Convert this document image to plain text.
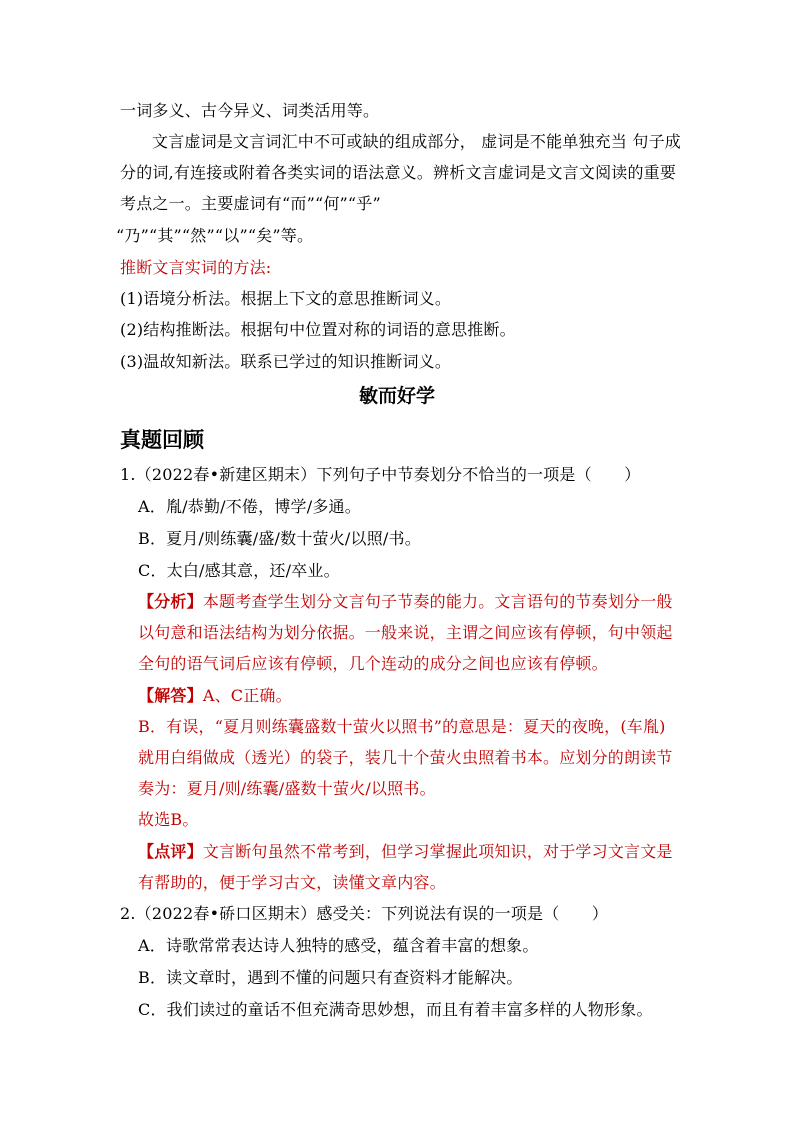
一词多义、古今异义、词类活用等。
文言虚词是文言词汇中不可或缺的组成部分， 虚词是不能单独充当 句子成
分的词,有连接或附着各类实词的语法意义。辨析文言虚词是文言文阅读的重要
考点之一。主要虚词有“而”“何”“乎”
“乃”“其”“然”“以”“矣”等。
推断文言实词的方法:
(1)语境分析法。根据上下文的意思推断词义。
(2)结构推断法。根据句中位置对称的词语的意思推断。
(3)温故知新法。联系已学过的知识推断词义。
敏而好学
真题回顾
1.（2022春•新建区期末）下列句子中节奏划分不恰当的一项是（　　）
A．胤/恭勤/不倦，博学/多通。
B．夏月/则练囊/盛/数十萤火/以照/书。
C．太白/感其意，还/卒业。
【分析】本题考查学生划分文言句子节奏的能力。文言语句的节奏划分一般
以句意和语法结构为划分依据。一般来说，主谓之间应该有停顿，句中领起
全句的语气词后应该有停顿，几个连动的成分之间也应该有停顿。
【解答】A、C正确。
B．有误，“夏月则练囊盛数十萤火以照书”的意思是：夏天的夜晚，(车胤)
就用白绢做成（透光）的袋子，装几十个萤火虫照着书本。应划分的朗读节
奏为：夏月/则/练囊/盛数十萤火/以照书。
故选B。
【点评】文言断句虽然不常考到，但学习掌握此项知识，对于学习文言文是
有帮助的，便于学习古文，读懂文章内容。
2.（2022春•硚口区期末）感受关：下列说法有误的一项是（　　）
A．诗歌常常表达诗人独特的感受，蕴含着丰富的想象。
B．读文章时，遇到不懂的问题只有查资料才能解决。
C．我们读过的童话不但充满奇思妙想，而且有着丰富多样的人物形象。
